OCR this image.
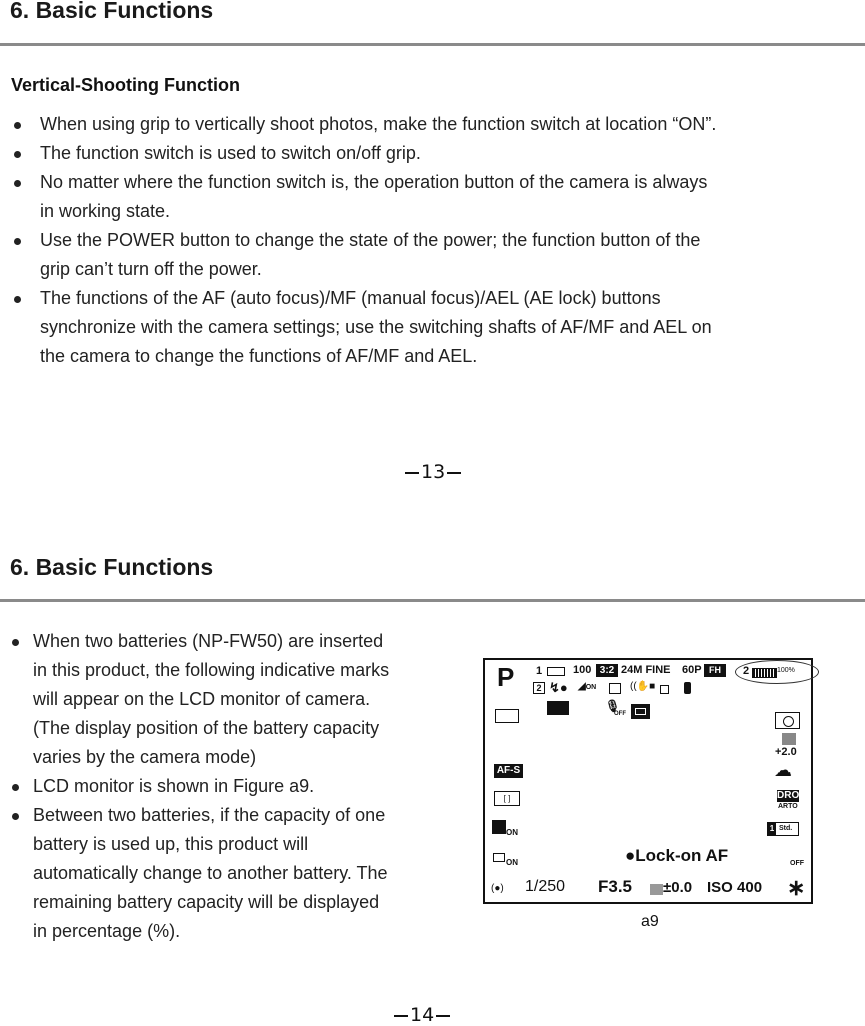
6. Basic Functions
Vertical-Shooting Function
When using grip to vertically shoot photos, make the function switch at location “ON”.
The function switch is used to switch on/off grip.
No matter where the function switch is, the operation button of the camera is always
in working state.
Use the POWER button to change the state of the power; the function button of the
grip can’t turn off the power.
The functions of the AF (auto focus)/MF (manual focus)/AEL (AE lock) buttons
synchronize with the camera settings; use the switching shafts of AF/MF and AEL on
the camera to change the functions of AF/MF and AEL.
13
6. Basic Functions
When two batteries (NP-FW50) are inserted
in this product, the following indicative marks
will appear on the LCD monitor of camera.
(The display position of the battery capacity
varies by the camera mode)
LCD monitor is shown in Figure a9.
Between two batteries, if the capacity of one
battery is used up, this product will
automatically change to another battery. The
remaining battery capacity will be displayed
in percentage (%).
P 1	100 3:2 24M FINE 60P FH	2	100%
2 ↯● ◢ON	((✋■
🎙
OFF
+2.0
AF-S	☁
[ ]	DRO
ARTO
ON	1 Std.
ON	●Lock-on AF	OFF
(●) 1/250 F3.5 ±0.0 ISO 400 ∗
a9
14
